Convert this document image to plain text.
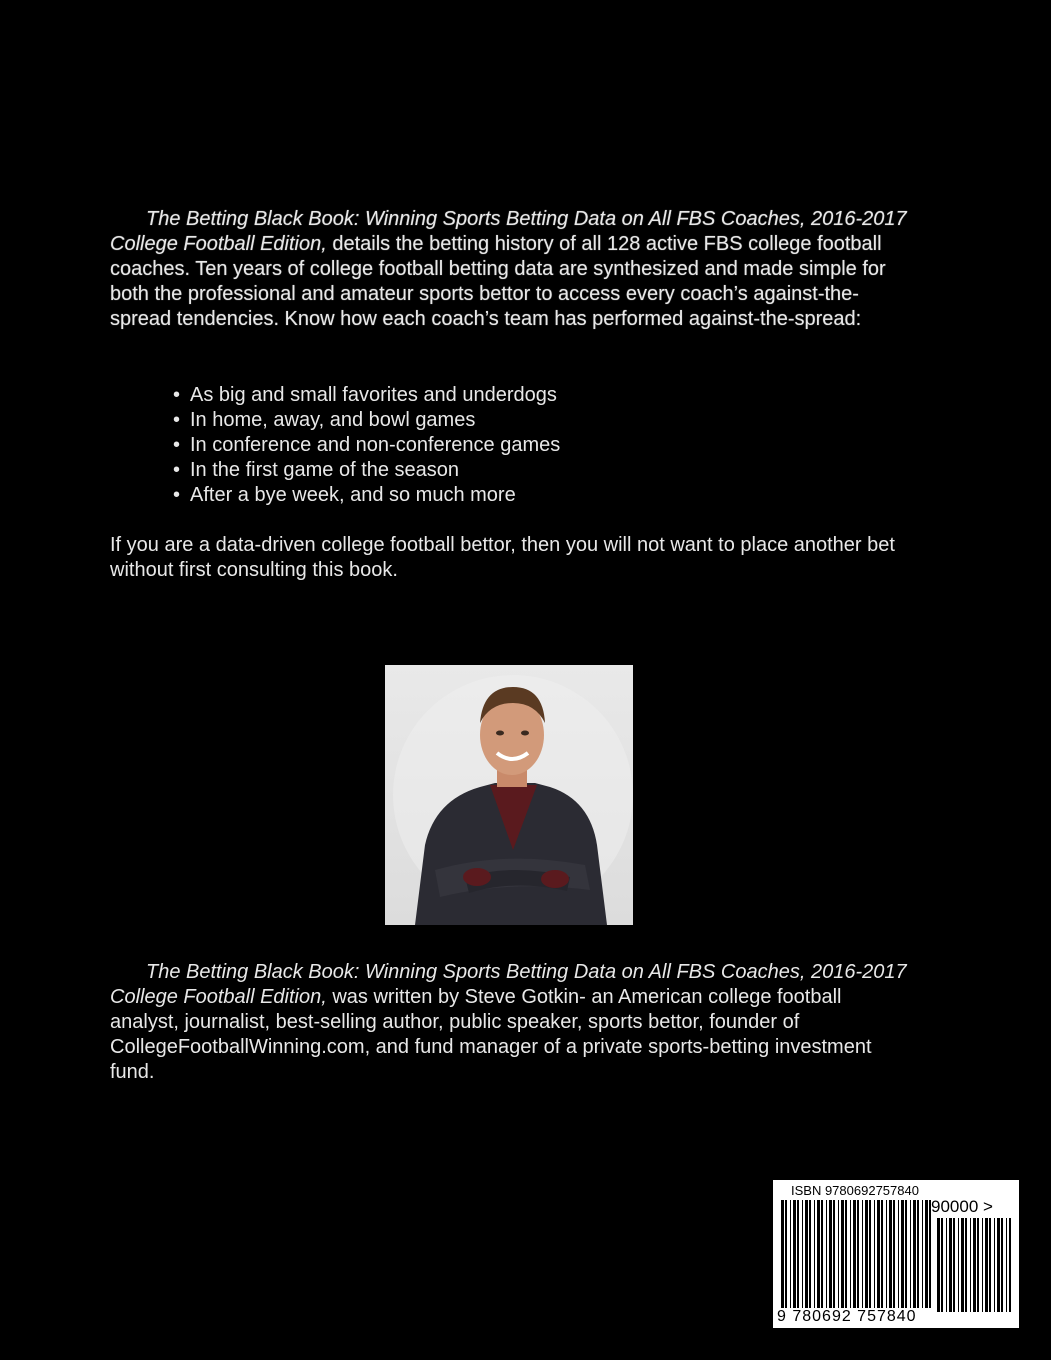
The Betting Black Book: Winning Sports Betting Data on All FBS Coaches, 2016-2017 College Football Edition, details the betting history of all 128 active FBS college football coaches. Ten years of college football betting data are synthesized and made simple for both the professional and amateur sports bettor to access every coach’s against-the-spread tendencies. Know how each coach’s team has performed against-the-spread:
• As big and small favorites and underdogs
• In home, away, and bowl games
• In conference and non-conference games
• In the first game of the season
• After a bye week, and so much more
If you are a data-driven college football bettor, then you will not want to place another bet without first consulting this book.
The Betting Black Book: Winning Sports Betting Data on All FBS Coaches, 2016-2017 College Football Edition, was written by Steve Gotkin- an American college football analyst, journalist, best-selling author, public speaker, sports bettor, founder of CollegeFootballWinning.com, and fund manager of a private sports-betting investment fund.
ISBN 9780692757840
90000 >
9 780692 757840
